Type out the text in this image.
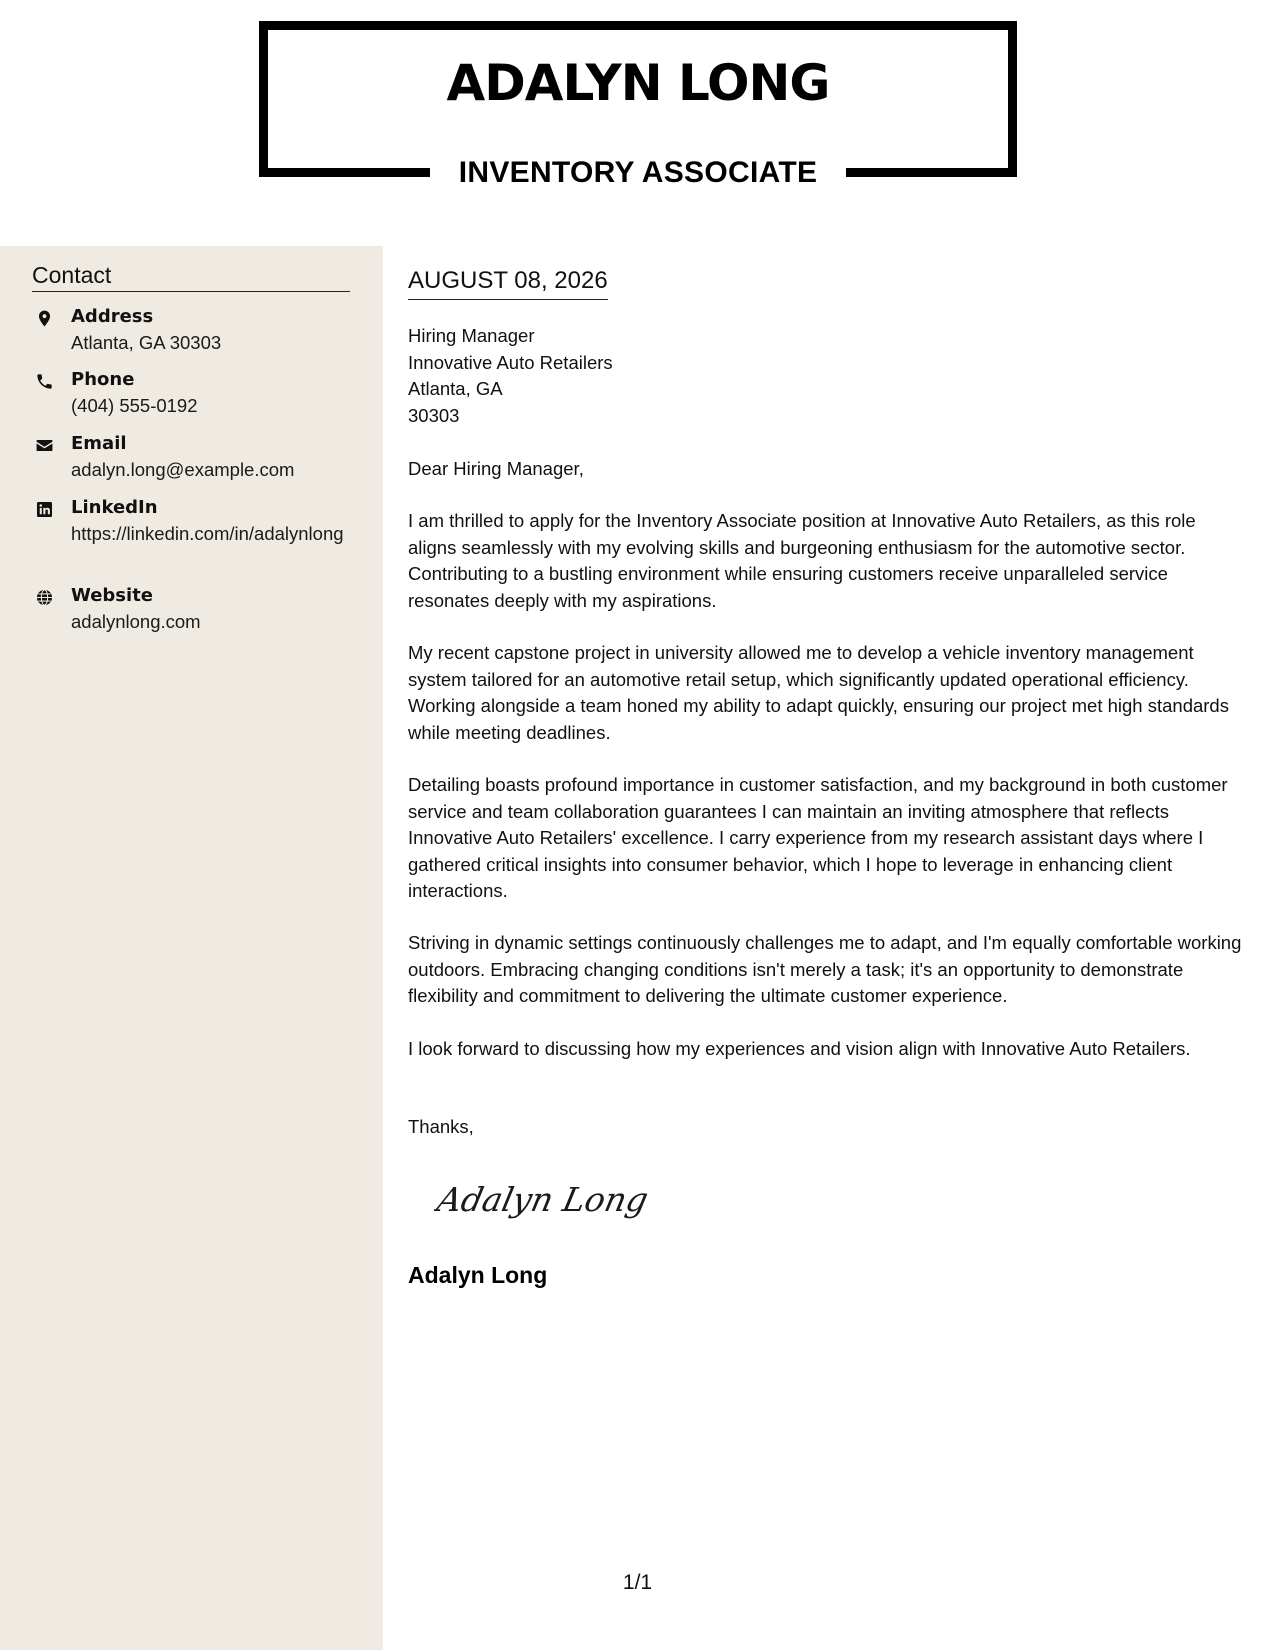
ADALYN LONG
INVENTORY ASSOCIATE
Contact
Address
Atlanta, GA 30303
Phone
(404) 555-0192
Email
adalyn.long@example.com
LinkedIn
https://linkedin.com/in/adalynlong
Website
adalynlong.com
AUGUST 08, 2026
Hiring Manager
Innovative Auto Retailers
Atlanta, GA
30303
Dear Hiring Manager,
I am thrilled to apply for the Inventory Associate position at Innovative Auto Retailers, as this role aligns seamlessly with my evolving skills and burgeoning enthusiasm for the automotive sector. Contributing to a bustling environment while ensuring customers receive unparalleled service resonates deeply with my aspirations.
My recent capstone project in university allowed me to develop a vehicle inventory management system tailored for an automotive retail setup, which significantly updated operational efficiency. Working alongside a team honed my ability to adapt quickly, ensuring our project met high standards while meeting deadlines.
Detailing boasts profound importance in customer satisfaction, and my background in both customer service and team collaboration guarantees I can maintain an inviting atmosphere that reflects Innovative Auto Retailers' excellence. I carry experience from my research assistant days where I gathered critical insights into consumer behavior, which I hope to leverage in enhancing client interactions.
Striving in dynamic settings continuously challenges me to adapt, and I'm equally comfortable working outdoors. Embracing changing conditions isn't merely a task; it's an opportunity to demonstrate flexibility and commitment to delivering the ultimate customer experience.
I look forward to discussing how my experiences and vision align with Innovative Auto Retailers.
Thanks,
Adalyn Long
Adalyn Long
1/1
